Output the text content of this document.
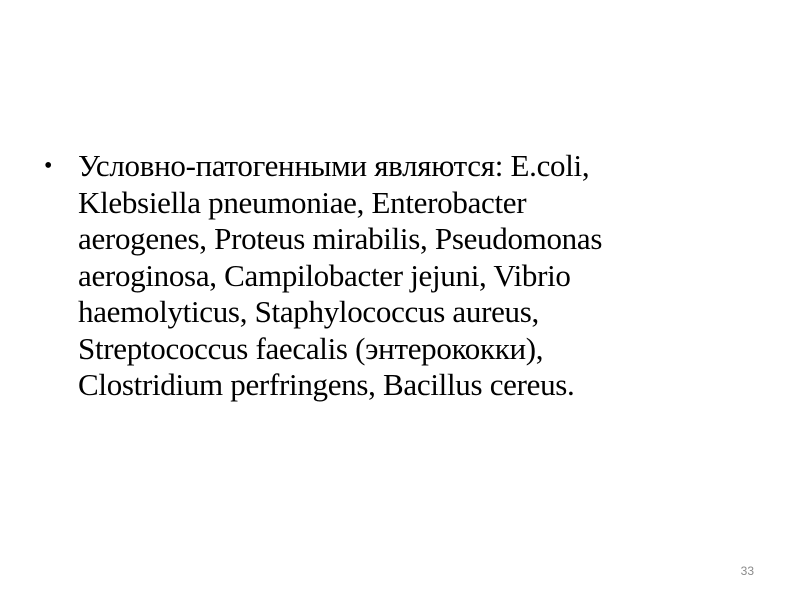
• Условно-патогенными являются: E.coli,
Klebsiella pneumoniae, Enterobacter
aerogenes, Proteus mirabilis, Pseudomonas
aeroginosa, Campilobacter jejuni, Vibrio
haemolyticus, Staphylococcus aureus,
Streptococcus faecalis (энтерококки),
Clostridium perfringens, Bacillus cereus.
33
